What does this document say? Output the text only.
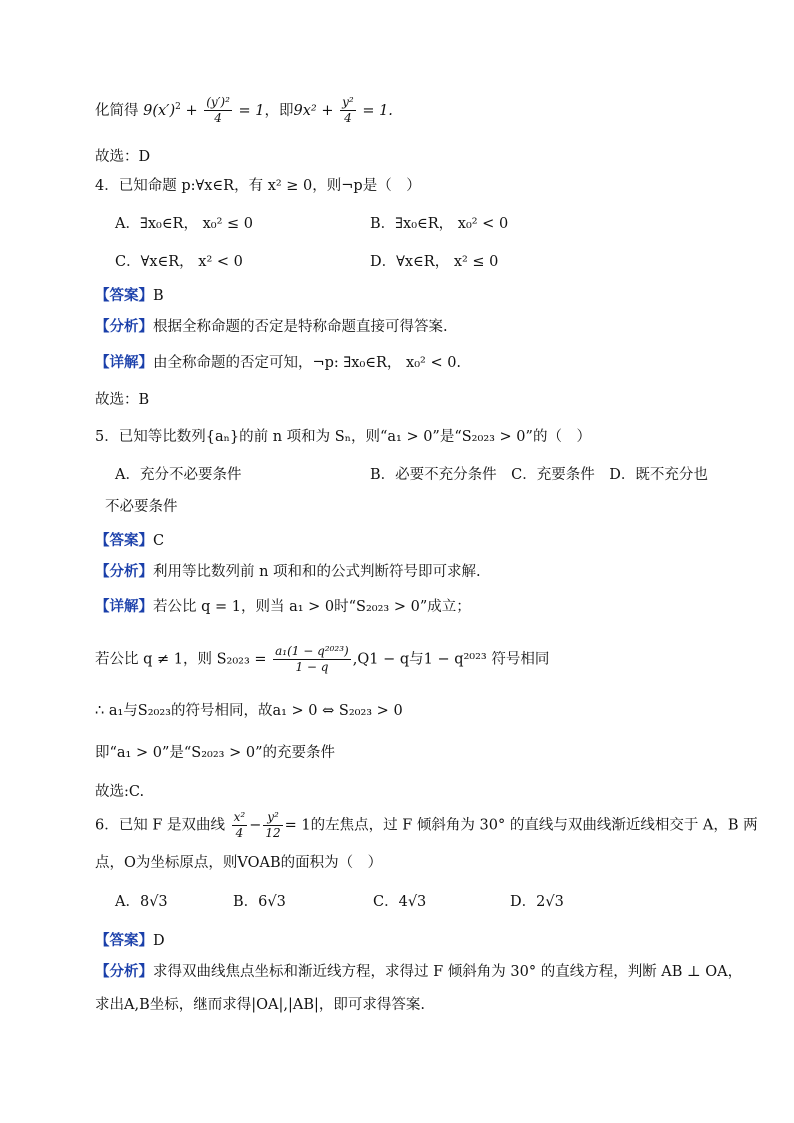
化简得 $9(x')^2 + \frac{\text{(y′)²}}{4} = 1$，即$9x^2 + \frac{\text{y²}}{4} = 1$.
故选：D
4．已知命题 p:∀x∈R，有 x² ≥ 0，则¬p是（　）
A．∃x₀∈R， x₀² ≤ 0	B．∃x₀∈R， x₀² < 0
C．∀x∈R， x² < 0	D．∀x∈R， x² ≤ 0
【答案】B
【分析】根据全称命题的否定是特称命题直接可得答案.
【详解】由全称命题的否定可知，¬p: ∃x₀∈R， x₀² < 0.
故选：B
5．已知等比数列{aₙ}的前 n 项和为 Sₙ，则“a₁ > 0”是“S₂₀₂₃ > 0”的（　）
A．充分不必要条件	B．必要不充分条件　C．充要条件　D．既不充分也
不必要条件
【答案】C
【分析】利用等比数列前 n 项和和的公式判断符号即可求解.
【详解】若公比 q = 1，则当 a₁ > 0时“S₂₀₂₃ > 0”成立；
若公比 q ≠ 1，则 $S_{2023} = \frac{\text{a₁(1 − q²⁰²³)}}{1 - q} ,Q1 - q$与1 − q²⁰²³ 符号相同
∴ a₁与S₂₀₂₃的符号相同，故a₁ > 0 ⇔ S₂₀₂₃ > 0
即“a₁ > 0”是“S₂₀₂₃ > 0”的充要条件
故选:C.
6．已知 F 是双曲线 $\frac{\text{x²}}{4} - \frac{\text{y²}}{12} = 1$的左焦点，过 F 倾斜角为 30° 的直线与双曲线渐近线相交于 A，B 两
点，O为坐标原点，则VOAB的面积为（　）
A．8√3	B．6√3	C．4√3	D．2√3
【答案】D
【分析】求得双曲线焦点坐标和渐近线方程，求得过 F 倾斜角为 30° 的直线方程，判断 AB ⊥ OA，
求出A,B坐标，继而求得|OA|,|AB|，即可求得答案.
